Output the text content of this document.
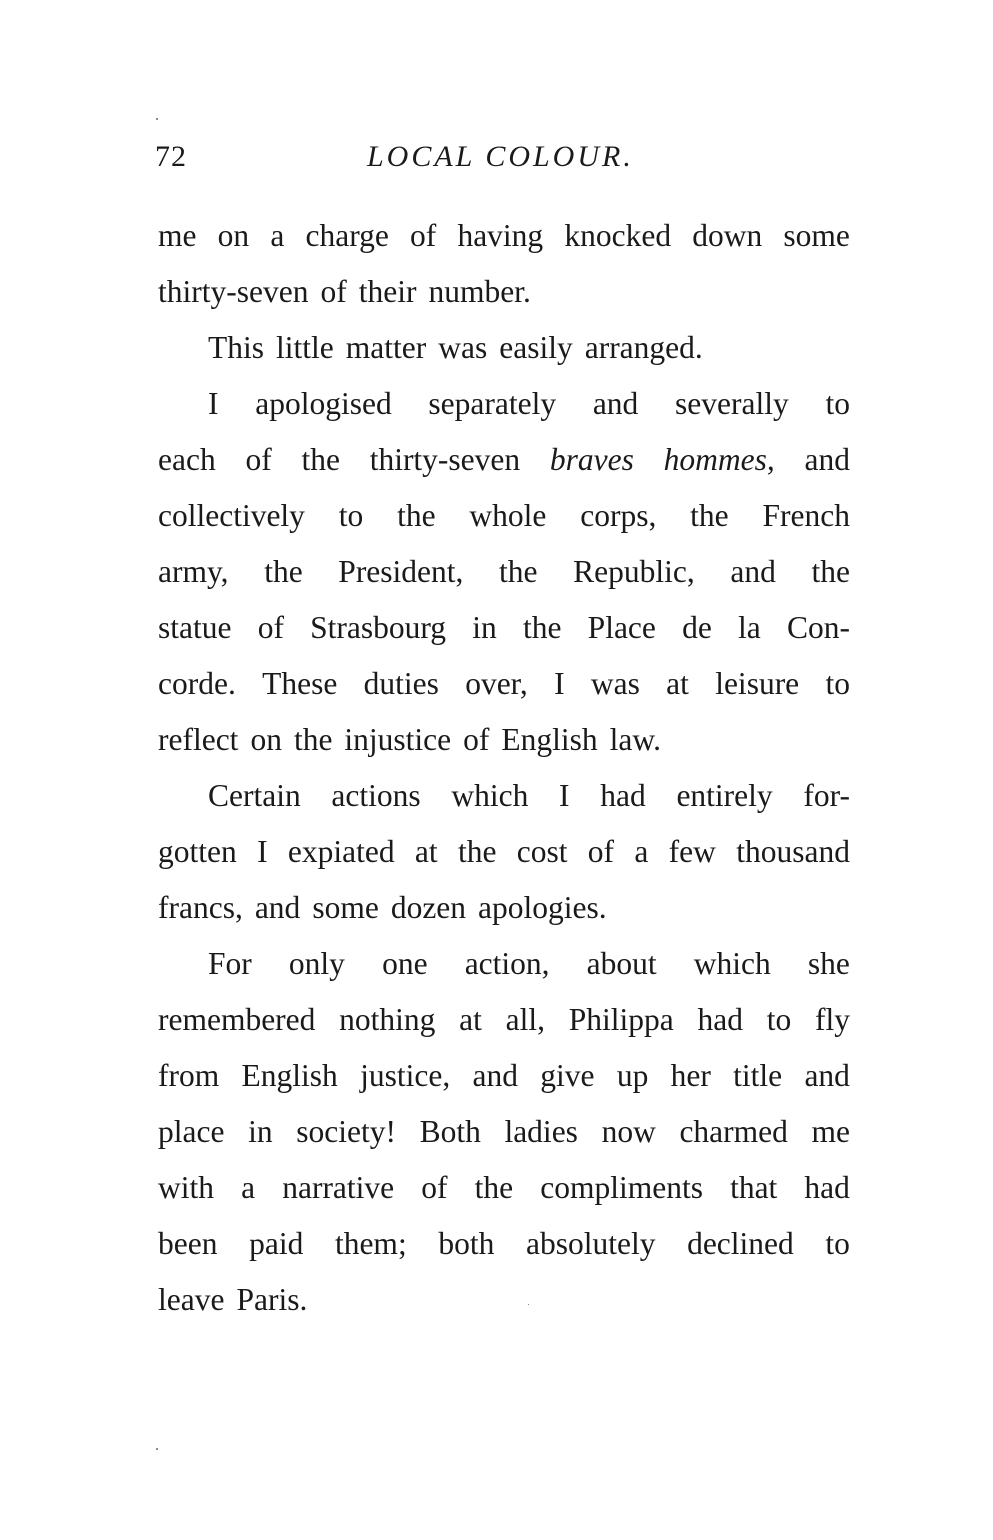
72	LOCAL COLOUR.
me on a charge of having knocked down some
thirty-seven of their number.
This little matter was easily arranged.
I apologised separately and severally to
each of the thirty-seven braves hommes, and
collectively to the whole corps, the French
army, the President, the Republic, and the
statue of Strasbourg in the Place de la Con-
corde. These duties over, I was at leisure to
reflect on the injustice of English law.
Certain actions which I had entirely for-
gotten I expiated at the cost of a few thousand
francs, and some dozen apologies.
For only one action, about which she
remembered nothing at all, Philippa had to fly
from English justice, and give up her title and
place in society! Both ladies now charmed me
with a narrative of the compliments that had
been paid them; both absolutely declined to
leave Paris.
